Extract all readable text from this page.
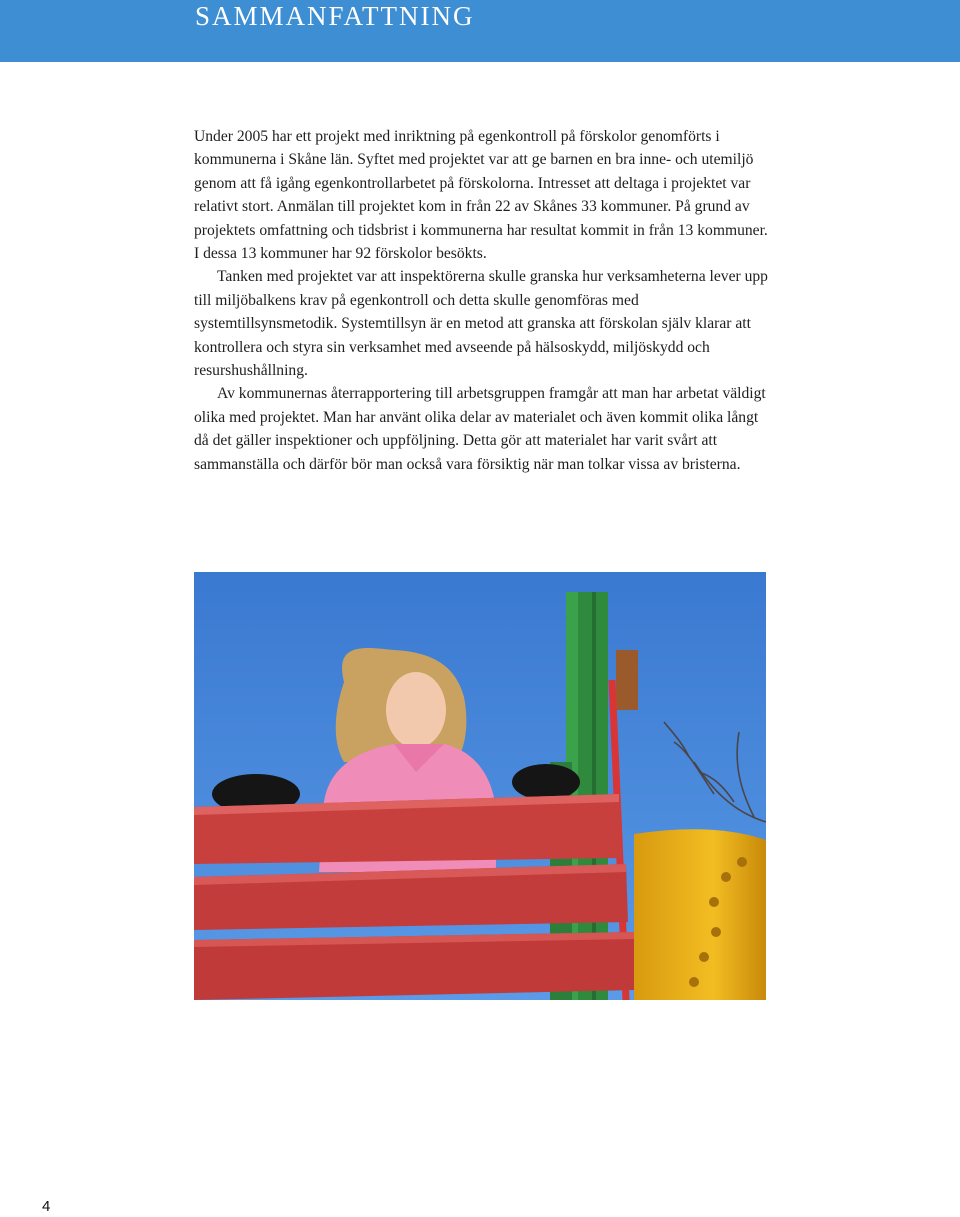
SAMMANFATTNING

Under 2005 har ett projekt med inriktning på egenkontroll på förskolor genomförts i kommunerna i Skåne län. Syftet med projektet var att ge barnen en bra inne- och utemiljö genom att få igång egenkontrollarbetet på förskolorna. Intresset att deltaga i projektet var relativt stort. Anmälan till projektet kom in från 22 av Skånes 33 kommuner. På grund av projektets omfattning och tidsbrist i kommunerna har resultat kommit in från 13 kommuner. I dessa 13 kommuner har 92 förskolor besökts.

Tanken med projektet var att inspektörerna skulle granska hur verksamheterna lever upp till miljöbalkens krav på egenkontroll och detta skulle genomföras med systemtillsynsmetodik. Systemtillsyn är en metod att granska att förskolan själv klarar att kontrollera och styra sin verksamhet med avseende på hälsoskydd, miljöskydd och resurshushållning.

Av kommunernas återrapportering till arbetsgruppen framgår att man har arbetat väldigt olika med projektet. Man har använt olika delar av materialet och även kommit olika långt då det gäller inspektioner och uppföljning. Detta gör att materialet har varit svårt att sammanställa och därför bör man också vara försiktig när man tolkar vissa av bristerna.

4
